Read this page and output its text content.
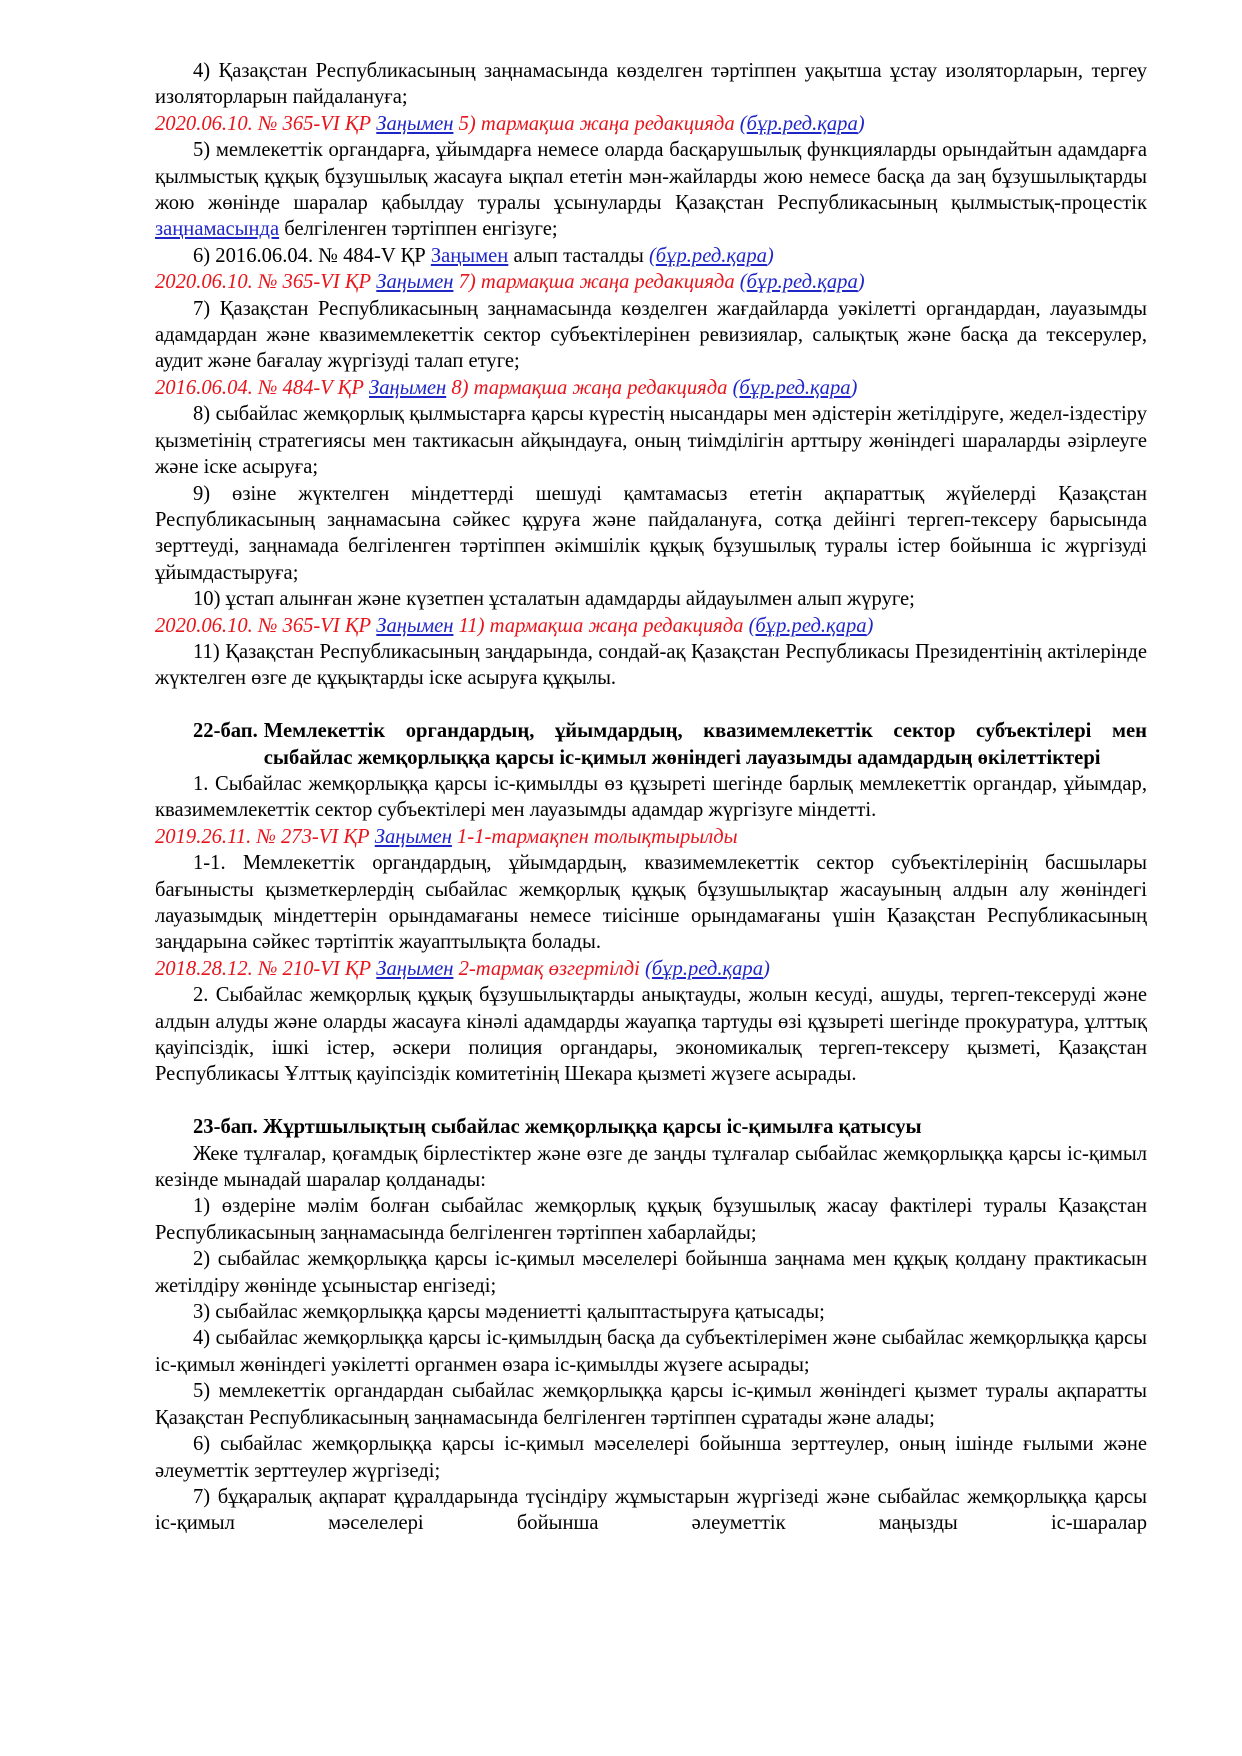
4) Қазақстан Республикасының заңнамасында көзделген тәртіппен уақытша ұстау изоляторларын, тергеу изоляторларын пайдалануға;

2020.06.10. № 365-VI ҚР Заңымен 5) тармақша жаңа редакцияда (бұр.ред.қара)

5) мемлекеттік органдарға, ұйымдарға немесе оларда басқарушылық функцияларды орындайтын адамдарға қылмыстық құқық бұзушылық жасауға ықпал ететін мән-жайларды жою немесе басқа да заң бұзушылықтарды жою жөнінде шаралар қабылдау туралы ұсынуларды Қазақстан Республикасының қылмыстық-процестік заңнамасында белгіленген тәртіппен енгізуге;

6) 2016.06.04. № 484-V ҚР Заңымен алып тасталды (бұр.ред.қара)

2020.06.10. № 365-VI ҚР Заңымен 7) тармақша жаңа редакцияда (бұр.ред.қара)

7) Қазақстан Республикасының заңнамасында көзделген жағдайларда уәкілетті органдардан, лауазымды адамдардан және квазимемлекеттік сектор субъектілерінен ревизиялар, салықтық және басқа да тексерулер, аудит және бағалау жүргізуді талап етуге;

2016.06.04. № 484-V ҚР Заңымен 8) тармақша жаңа редакцияда (бұр.ред.қара)

8) сыбайлас жемқорлық қылмыстарға қарсы күрестің нысандары мен әдістерін жетілдіруге, жедел-іздестіру қызметінің стратегиясы мен тактикасын айқындауға, оның тиімділігін арттыру жөніндегі шараларды әзірлеуге және іске асыруға;

9) өзіне жүктелген міндеттерді шешуді қамтамасыз ететін ақпараттық жүйелерді Қазақстан Республикасының заңнамасына сәйкес құруға және пайдалануға, сотқа дейінгі тергеп-тексеру барысында зерттеуді, заңнамада белгіленген тәртіппен әкімшілік құқық бұзушылық туралы істер бойынша іс жүргізуді ұйымдастыруға;

10) ұстап алынған және күзетпен ұсталатын адамдарды айдауылмен алып жүруге;

2020.06.10. № 365-VI ҚР Заңымен 11) тармақша жаңа редакцияда (бұр.ред.қара)

11) Қазақстан Республикасының заңдарында, сондай-ақ Қазақстан Республикасы Президентінің актілерінде жүктелген өзге де құқықтарды іске асыруға құқылы.

22-бап. Мемлекеттік органдардың, ұйымдардың, квазимемлекеттік сектор субъектілері мен сыбайлас жемқорлыққа қарсы іс-қимыл жөніндегі лауазымды адамдардың өкілеттіктері

1. Сыбайлас жемқорлыққа қарсы іс-қимылды өз құзыреті шегінде барлық мемлекеттік органдар, ұйымдар, квазимемлекеттік сектор субъектілері мен лауазымды адамдар жүргізуге міндетті.

2019.26.11. № 273-VI ҚР Заңымен 1-1-тармақпен толықтырылды

1-1. Мемлекеттік органдардың, ұйымдардың, квазимемлекеттік сектор субъектілерінің басшылары бағынысты қызметкерлердің сыбайлас жемқорлық құқық бұзушылықтар жасауының алдын алу жөніндегі лауазымдық міндеттерін орындамағаны немесе тиісінше орындамағаны үшін Қазақстан Республикасының заңдарына сәйкес тәртіптік жауаптылықта болады.

2018.28.12. № 210-VI ҚР Заңымен 2-тармақ өзгертілді (бұр.ред.қара)

2. Сыбайлас жемқорлық құқық бұзушылықтарды анықтауды, жолын кесуді, ашуды, тергеп-тексеруді және алдын алуды және оларды жасауға кінәлі адамдарды жауапқа тартуды өзі құзыреті шегінде прокуратура, ұлттық қауіпсіздік, ішкі істер, әскери полиция органдары, экономикалық тергеп-тексеру қызметі, Қазақстан Республикасы Ұлттық қауіпсіздік комитетінің Шекара қызметі жүзеге асырады.

23-бап. Жұртшылықтың сыбайлас жемқорлыққа қарсы іс-қимылға қатысуы

Жеке тұлғалар, қоғамдық бірлестіктер және өзге де заңды тұлғалар сыбайлас жемқорлыққа қарсы іс-қимыл кезінде мынадай шаралар қолданады:

1) өздеріне мәлім болған сыбайлас жемқорлық құқық бұзушылық жасау фактілері туралы Қазақстан Республикасының заңнамасында белгіленген тәртіппен хабарлайды;

2) сыбайлас жемқорлыққа қарсы іс-қимыл мәселелері бойынша заңнама мен құқық қолдану практикасын жетілдіру жөнінде ұсыныстар енгізеді;

3) сыбайлас жемқорлыққа қарсы мәдениетті қалыптастыруға қатысады;

4) сыбайлас жемқорлыққа қарсы іс-қимылдың басқа да субъектілерімен және сыбайлас жемқорлыққа қарсы іс-қимыл жөніндегі уәкілетті органмен өзара іс-қимылды жүзеге асырады;

5) мемлекеттік органдардан сыбайлас жемқорлыққа қарсы іс-қимыл жөніндегі қызмет туралы ақпаратты Қазақстан Республикасының заңнамасында белгіленген тәртіппен сұратады және алады;

6) сыбайлас жемқорлыққа қарсы іс-қимыл мәселелері бойынша зерттеулер, оның ішінде ғылыми және әлеуметтік зерттеулер жүргізеді;

7) бұқаралық ақпарат құралдарында түсіндіру жұмыстарын жүргізеді және сыбайлас жемқорлыққа қарсы іс-қимыл мәселелері бойынша әлеуметтік маңызды іс-шаралар
